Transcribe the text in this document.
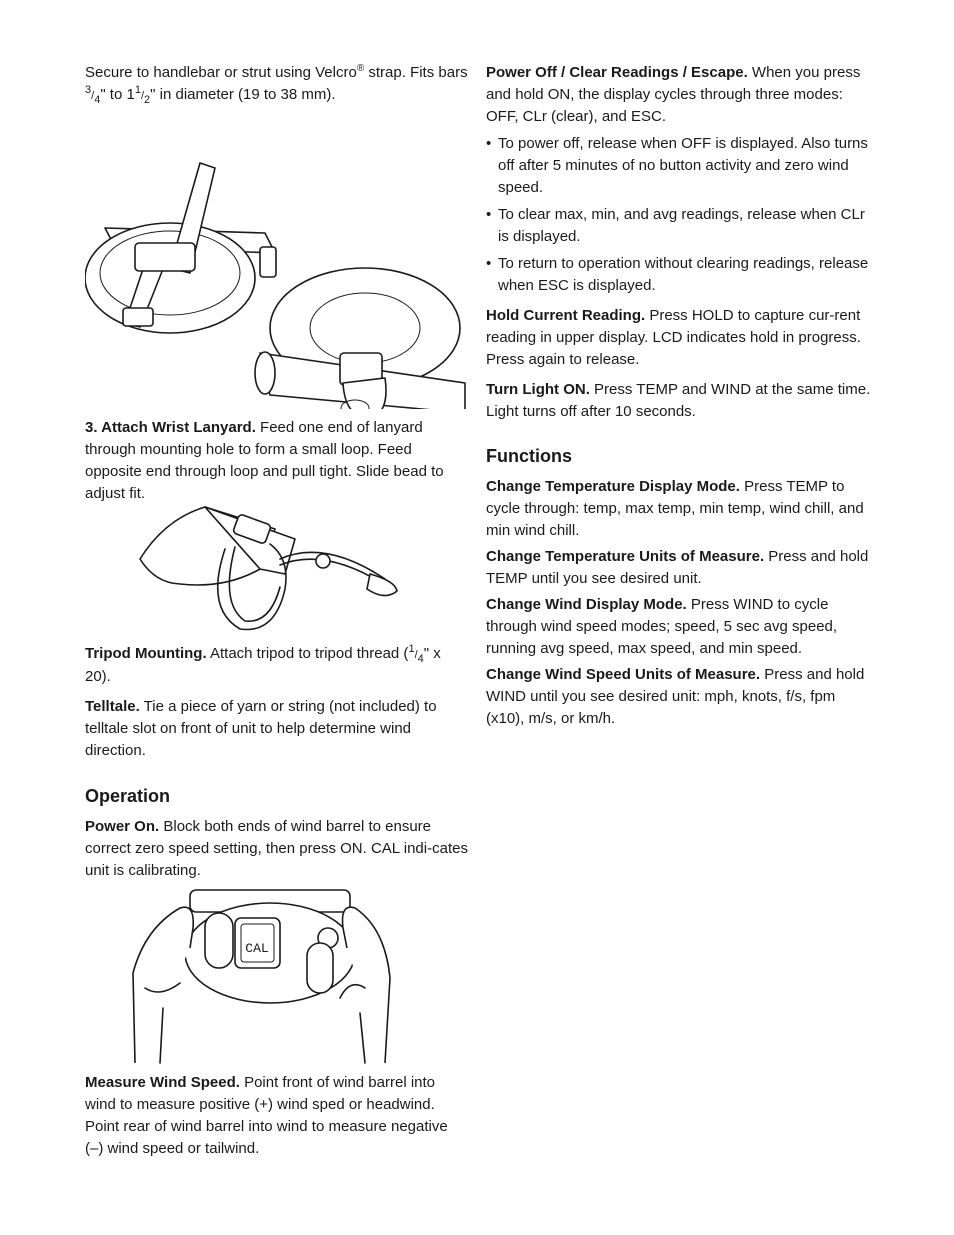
Secure to handlebar or strut using Velcro® strap. Fits bars $^3/_4$" to $1^1/_2$" in diameter (19 to 38 mm).

3. Attach Wrist Lanyard. Feed one end of lanyard through mounting hole to form a small loop. Feed opposite end through loop and pull tight. Slide bead to adjust fit.

Tripod Mounting. Attach tripod to tripod thread ($^1/_4$" x 20).

Telltale. Tie a piece of yarn or string (not included) to telltale slot on front of unit to help determine wind direction.

Operation

Power On. Block both ends of wind barrel to ensure correct zero speed setting, then press ON. CAL indi-cates unit is calibrating.

CAL

Measure Wind Speed. Point front of wind barrel into wind to measure positive (+) wind sped or headwind. Point rear of wind barrel into wind to measure negative (–) wind speed or tailwind.

Power Off / Clear Readings / Escape. When you press and hold ON, the display cycles through three modes: OFF, CLr (clear), and ESC.

• To power off, release when OFF is displayed. Also turns off after 5 minutes of no button activity and zero wind speed.
• To clear max, min, and avg readings, release when CLr is displayed.
• To return to operation without clearing readings, release when ESC is displayed.

Hold Current Reading. Press HOLD to capture cur-rent reading in upper display. LCD indicates hold in progress. Press again to release.

Turn Light ON. Press TEMP and WIND at the same time. Light turns off after 10 seconds.

Functions

Change Temperature Display Mode. Press TEMP to cycle through: temp, max temp, min temp, wind chill, and min wind chill.

Change Temperature Units of Measure. Press and hold TEMP until you see desired unit.

Change Wind Display Mode. Press WIND to cycle through wind speed modes; speed, 5 sec avg speed, running avg speed, max speed, and min speed.

Change Wind Speed Units of Measure. Press and hold WIND until you see desired unit: mph, knots, f/s, fpm (x10), m/s, or km/h.
